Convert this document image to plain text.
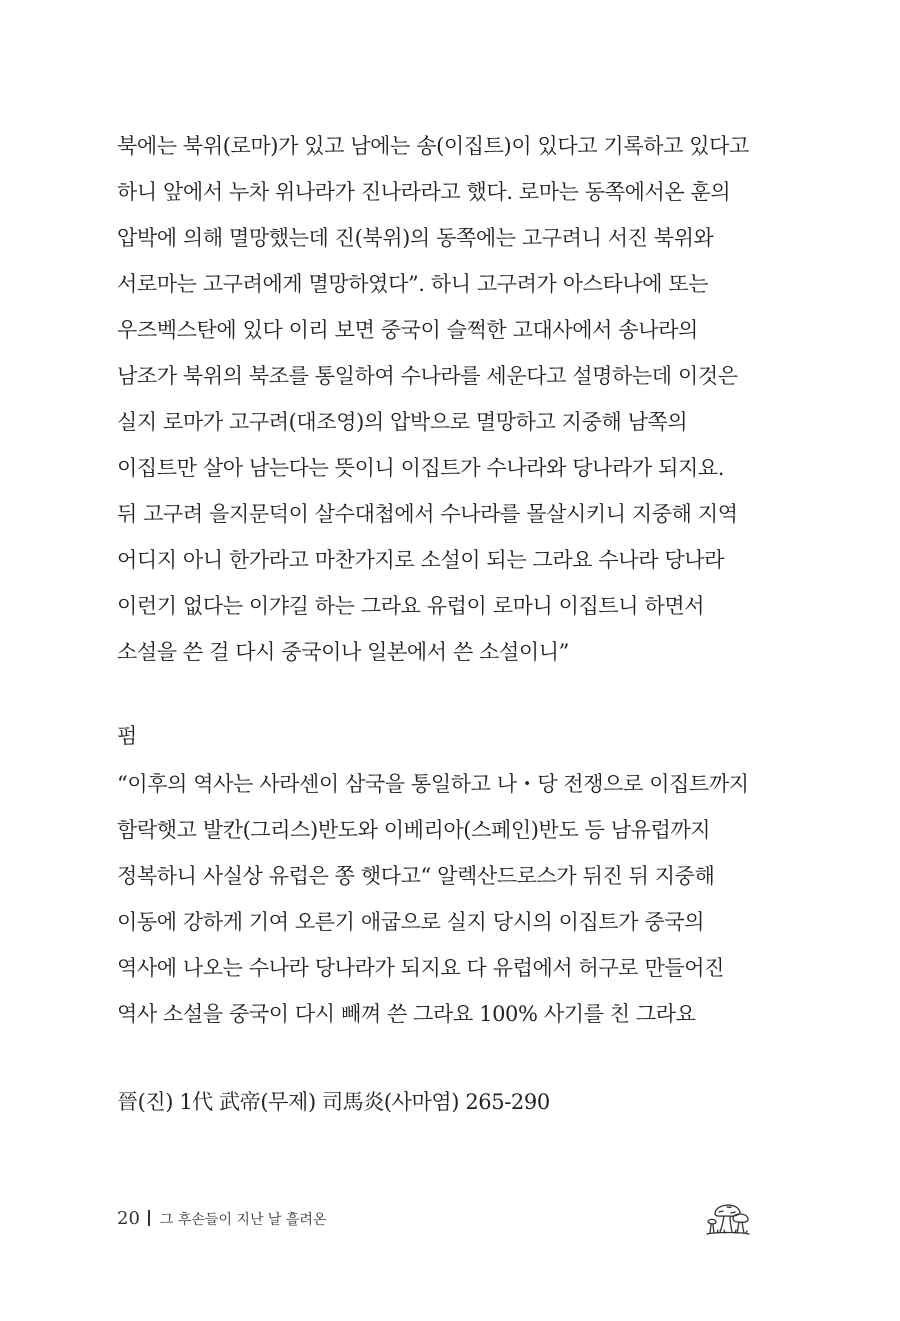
북에는 북위(로마)가 있고 남에는 송(이집트)이 있다고 기록하고 있다고
하니 앞에서 누차 위나라가 진나라라고 했다. 로마는 동쪽에서온 훈의
압박에 의해 멸망했는데 진(북위)의 동쪽에는 고구려니 서진 북위와
서로마는 고구려에게 멸망하였다”. 하니 고구려가 아스타나에 또는
우즈벡스탄에 있다 이리 보면 중국이 슬쩍한 고대사에서 송나라의
남조가 북위의 북조를 통일하여 수나라를 세운다고 설명하는데 이것은
실지 로마가 고구려(대조영)의 압박으로 멸망하고 지중해 남쪽의
이집트만 살아 남는다는 뜻이니 이집트가 수나라와 당나라가 되지요.
뒤 고구려 을지문덕이 살수대첩에서 수나라를 몰살시키니 지중해 지역
어디지 아니 한가라고 마찬가지로 소설이 되는 그라요 수나라 당나라
이런기 없다는 이갸길 하는 그라요 유럽이 로마니 이집트니 하면서
소설을 쓴 걸 다시 중국이나 일본에서 쓴 소설이니”
펌
“이후의 역사는 사라센이 삼국을 통일하고 나・당 전쟁으로 이집트까지
함락햇고 발칸(그리스)반도와 이베리아(스페인)반도 등 남유럽까지
정복하니 사실상 유럽은 쫑 햇다고“ 알렉산드로스가 뒤진 뒤 지중해
이동에 강하게 기여 오른기 애굽으로 실지 당시의 이집트가 중국의
역사에 나오는 수나라 당나라가 되지요 다 유럽에서 허구로 만들어진
역사 소설을 중국이 다시 빼껴 쓴 그라요 100% 사기를 친 그라요
晉(진) 1代 武帝(무제) 司馬炎(사마염) 265-290
20 그 후손들이 지난 날 흘려온
